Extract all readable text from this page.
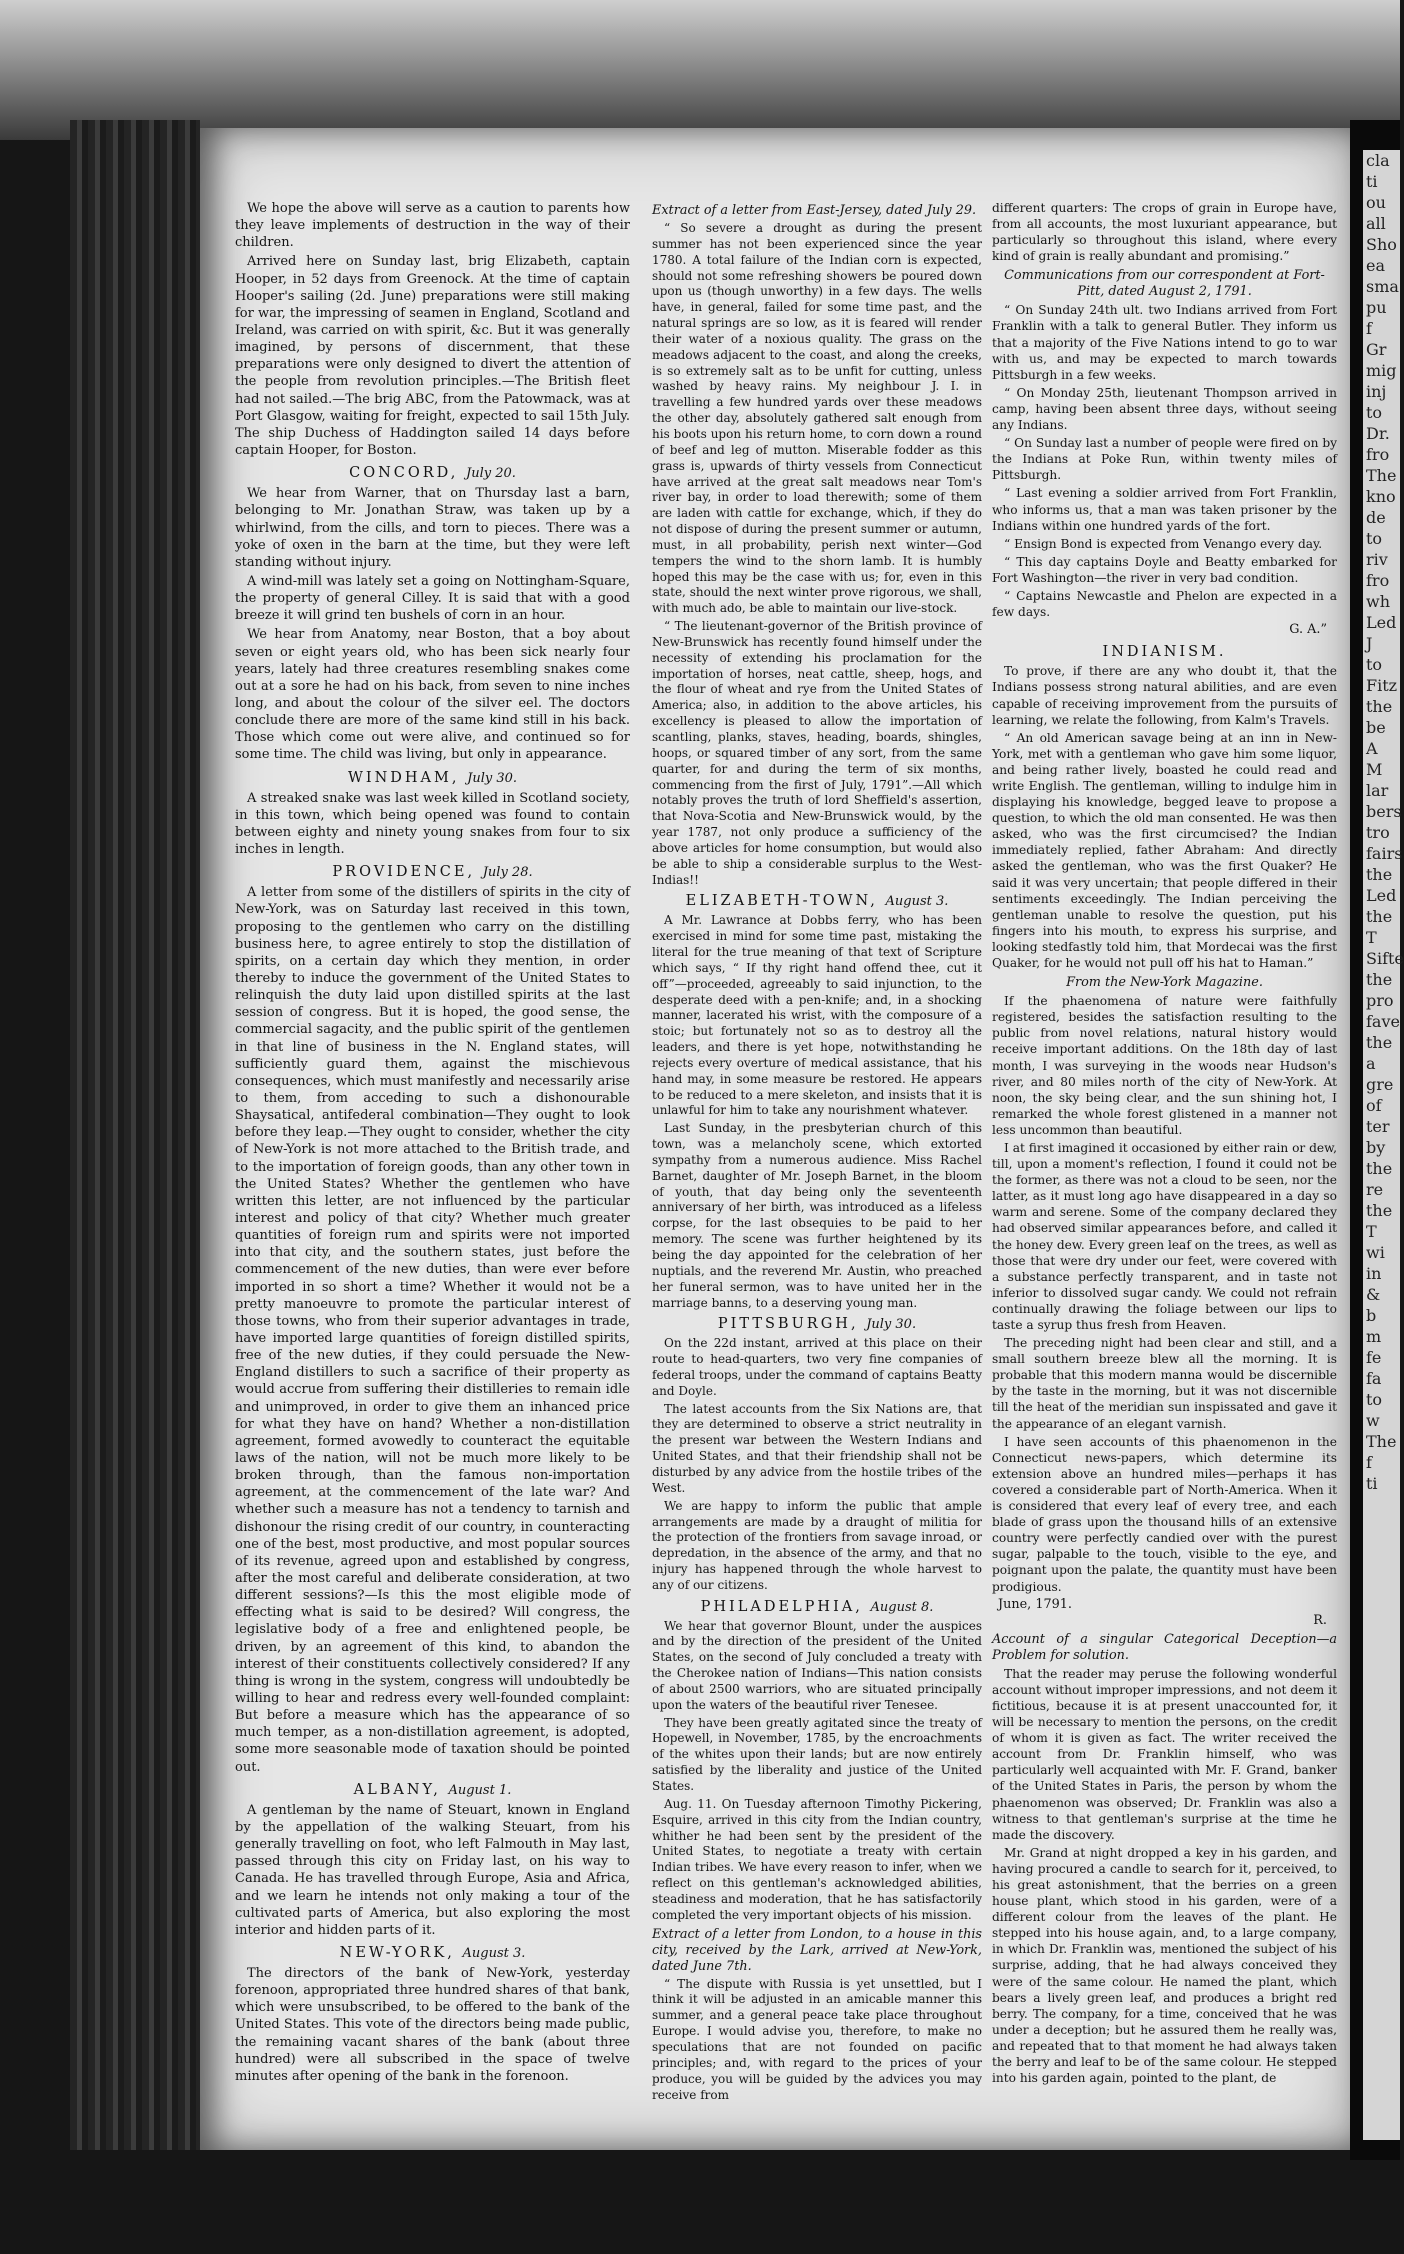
cla
ti
ou
all
Sho
ea
sma
pu
f
Gr
mig
inj
to
Dr.
fro
The
kno
de
to
riv
fro
wh
Led
J
to
Fitz
the
be
A
M
lar
bers
tro
fairs
the
Led
the
T
Sifte
the
pro
fave
the
a
gre
of
ter
by
the
re
the
T
wi
in
&
b
m
fe
fa
to
w
The
f
ti

We hope the above will serve as a caution to parents how they leave implements of destruction in the way of their children.

Arrived here on Sunday last, brig Elizabeth, captain Hooper, in 52 days from Greenock. At the time of captain Hooper's sailing (2d. June) preparations were still making for war, the impressing of seamen in England, Scotland and Ireland, was carried on with spirit, &c. But it was generally imagined, by persons of discernment, that these preparations were only designed to divert the attention of the people from revolution principles.—The British fleet had not sailed.—The brig ABC, from the Patowmack, was at Port Glasgow, waiting for freight, expected to sail 15th July. The ship Duchess of Haddington sailed 14 days before captain Hooper, for Boston.

CONCORD, July 20.

We hear from Warner, that on Thursday last a barn, belonging to Mr. Jonathan Straw, was taken up by a whirlwind, from the cills, and torn to pieces. There was a yoke of oxen in the barn at the time, but they were left standing without injury.

A wind-mill was lately set a going on Nottingham-Square, the property of general Cilley. It is said that with a good breeze it will grind ten bushels of corn in an hour.

We hear from Anatomy, near Boston, that a boy about seven or eight years old, who has been sick nearly four years, lately had three creatures resembling snakes come out at a sore he had on his back, from seven to nine inches long, and about the colour of the silver eel. The doctors conclude there are more of the same kind still in his back. Those which come out were alive, and continued so for some time. The child was living, but only in appearance.

WINDHAM, July 30.

A streaked snake was last week killed in Scotland society, in this town, which being opened was found to contain between eighty and ninety young snakes from four to six inches in length.

PROVIDENCE, July 28.

A letter from some of the distillers of spirits in the city of New-York, was on Saturday last received in this town, proposing to the gentlemen who carry on the distilling business here, to agree entirely to stop the distillation of spirits, on a certain day which they mention, in order thereby to induce the government of the United States to relinquish the duty laid upon distilled spirits at the last session of congress. But it is hoped, the good sense, the commercial sagacity, and the public spirit of the gentlemen in that line of business in the N. England states, will sufficiently guard them, against the mischievous consequences, which must manifestly and necessarily arise to them, from acceding to such a dishonourable Shaysatical, antifederal combination—They ought to look before they leap.—They ought to consider, whether the city of New-York is not more attached to the British trade, and to the importation of foreign goods, than any other town in the United States? Whether the gentlemen who have written this letter, are not influenced by the particular interest and policy of that city? Whether much greater quantities of foreign rum and spirits were not imported into that city, and the southern states, just before the commencement of the new duties, than were ever before imported in so short a time? Whether it would not be a pretty manoeuvre to promote the particular interest of those towns, who from their superior advantages in trade, have imported large quantities of foreign distilled spirits, free of the new duties, if they could persuade the New-England distillers to such a sacrifice of their property as would accrue from suffering their distilleries to remain idle and unimproved, in order to give them an inhanced price for what they have on hand? Whether a non-distillation agreement, formed avowedly to counteract the equitable laws of the nation, will not be much more likely to be broken through, than the famous non-importation agreement, at the commencement of the late war? And whether such a measure has not a tendency to tarnish and dishonour the rising credit of our country, in counteracting one of the best, most productive, and most popular sources of its revenue, agreed upon and established by congress, after the most careful and deliberate consideration, at two different sessions?—Is this the most eligible mode of effecting what is said to be desired? Will congress, the legislative body of a free and enlightened people, be driven, by an agreement of this kind, to abandon the interest of their constituents collectively considered? If any thing is wrong in the system, congress will undoubtedly be willing to hear and redress every well-founded complaint: But before a measure which has the appearance of so much temper, as a non-distillation agreement, is adopted, some more seasonable mode of taxation should be pointed out.

ALBANY, August 1.

A gentleman by the name of Steuart, known in England by the appellation of the walking Steuart, from his generally travelling on foot, who left Falmouth in May last, passed through this city on Friday last, on his way to Canada. He has travelled through Europe, Asia and Africa, and we learn he intends not only making a tour of the cultivated parts of America, but also exploring the most interior and hidden parts of it.

NEW-YORK, August 3.

The directors of the bank of New-York, yesterday forenoon, appropriated three hundred shares of that bank, which were unsubscribed, to be offered to the bank of the United States. This vote of the directors being made public, the remaining vacant shares of the bank (about three hundred) were all subscribed in the space of twelve minutes after opening of the bank in the forenoon.

Extract of a letter from East-Jersey, dated July 29.

“ So severe a drought as during the present summer has not been experienced since the year 1780. A total failure of the Indian corn is expected, should not some refreshing showers be poured down upon us (though unworthy) in a few days. The wells have, in general, failed for some time past, and the natural springs are so low, as it is feared will render their water of a noxious quality. The grass on the meadows adjacent to the coast, and along the creeks, is so extremely salt as to be unfit for cutting, unless washed by heavy rains. My neighbour J. I. in travelling a few hundred yards over these meadows the other day, absolutely gathered salt enough from his boots upon his return home, to corn down a round of beef and leg of mutton. Miserable fodder as this grass is, upwards of thirty vessels from Connecticut have arrived at the great salt meadows near Tom's river bay, in order to load therewith; some of them are laden with cattle for exchange, which, if they do not dispose of during the present summer or autumn, must, in all probability, perish next winter—God tempers the wind to the shorn lamb. It is humbly hoped this may be the case with us; for, even in this state, should the next winter prove rigorous, we shall, with much ado, be able to maintain our live-stock.

“ The lieutenant-governor of the British province of New-Brunswick has recently found himself under the necessity of extending his proclamation for the importation of horses, neat cattle, sheep, hogs, and the flour of wheat and rye from the United States of America; also, in addition to the above articles, his excellency is pleased to allow the importation of scantling, planks, staves, heading, boards, shingles, hoops, or squared timber of any sort, from the same quarter, for and during the term of six months, commencing from the first of July, 1791”.—All which notably proves the truth of lord Sheffield's assertion, that Nova-Scotia and New-Brunswick would, by the year 1787, not only produce a sufficiency of the above articles for home consumption, but would also be able to ship a considerable surplus to the West-Indias!!

ELIZABETH-TOWN, August 3.

A Mr. Lawrance at Dobbs ferry, who has been exercised in mind for some time past, mistaking the literal for the true meaning of that text of Scripture which says, “ If thy right hand offend thee, cut it off”—proceeded, agreeably to said injunction, to the desperate deed with a pen-knife; and, in a shocking manner, lacerated his wrist, with the composure of a stoic; but fortunately not so as to destroy all the leaders, and there is yet hope, notwithstanding he rejects every overture of medical assistance, that his hand may, in some measure be restored. He appears to be reduced to a mere skeleton, and insists that it is unlawful for him to take any nourishment whatever.

Last Sunday, in the presbyterian church of this town, was a melancholy scene, which extorted sympathy from a numerous audience. Miss Rachel Barnet, daughter of Mr. Joseph Barnet, in the bloom of youth, that day being only the seventeenth anniversary of her birth, was introduced as a lifeless corpse, for the last obsequies to be paid to her memory. The scene was further heightened by its being the day appointed for the celebration of her nuptials, and the reverend Mr. Austin, who preached her funeral sermon, was to have united her in the marriage banns, to a deserving young man.

PITTSBURGH, July 30.

On the 22d instant, arrived at this place on their route to head-quarters, two very fine companies of federal troops, under the command of captains Beatty and Doyle.

The latest accounts from the Six Nations are, that they are determined to observe a strict neutrality in the present war between the Western Indians and United States, and that their friendship shall not be disturbed by any advice from the hostile tribes of the West.

We are happy to inform the public that ample arrangements are made by a draught of militia for the protection of the frontiers from savage inroad, or depredation, in the absence of the army, and that no injury has happened through the whole harvest to any of our citizens.

PHILADELPHIA, August 8.

We hear that governor Blount, under the auspices and by the direction of the president of the United States, on the second of July concluded a treaty with the Cherokee nation of Indians—This nation consists of about 2500 warriors, who are situated principally upon the waters of the beautiful river Tenesee.

They have been greatly agitated since the treaty of Hopewell, in November, 1785, by the encroachments of the whites upon their lands; but are now entirely satisfied by the liberality and justice of the United States.

Aug. 11. On Tuesday afternoon Timothy Pickering, Esquire, arrived in this city from the Indian country, whither he had been sent by the president of the United States, to negotiate a treaty with certain Indian tribes. We have every reason to infer, when we reflect on this gentleman's acknowledged abilities, steadiness and moderation, that he has satisfactorily completed the very important objects of his mission.

Extract of a letter from London, to a house in this city, received by the Lark, arrived at New-York, dated June 7th.

“ The dispute with Russia is yet unsettled, but I think it will be adjusted in an amicable manner this summer, and a general peace take place throughout Europe. I would advise you, therefore, to make no speculations that are not founded on pacific principles; and, with regard to the prices of your produce, you will be guided by the advices you may receive from

different quarters: The crops of grain in Europe have, from all accounts, the most luxuriant appearance, but particularly so throughout this island, where every kind of grain is really abundant and promising.”

Communications from our correspondent at Fort-Pitt, dated August 2, 1791.

“ On Sunday 24th ult. two Indians arrived from Fort Franklin with a talk to general Butler. They inform us that a majority of the Five Nations intend to go to war with us, and may be expected to march towards Pittsburgh in a few weeks.

“ On Monday 25th, lieutenant Thompson arrived in camp, having been absent three days, without seeing any Indians.

“ On Sunday last a number of people were fired on by the Indians at Poke Run, within twenty miles of Pittsburgh.

“ Last evening a soldier arrived from Fort Franklin, who informs us, that a man was taken prisoner by the Indians within one hundred yards of the fort.

“ Ensign Bond is expected from Venango every day.

“ This day captains Doyle and Beatty embarked for Fort Washington—the river in very bad condition.

“ Captains Newcastle and Phelon are expected in a few days.

G. A.”
INDIANISM.

To prove, if there are any who doubt it, that the Indians possess strong natural abilities, and are even capable of receiving improvement from the pursuits of learning, we relate the following, from Kalm's Travels.

“ An old American savage being at an inn in New-York, met with a gentleman who gave him some liquor, and being rather lively, boasted he could read and write English. The gentleman, willing to indulge him in displaying his knowledge, begged leave to propose a question, to which the old man consented. He was then asked, who was the first circumcised? the Indian immediately replied, father Abraham: And directly asked the gentleman, who was the first Quaker? He said it was very uncertain; that people differed in their sentiments exceedingly. The Indian perceiving the gentleman unable to resolve the question, put his fingers into his mouth, to express his surprise, and looking stedfastly told him, that Mordecai was the first Quaker, for he would not pull off his hat to Haman.”

From the New-York Magazine.

If the phaenomena of nature were faithfully registered, besides the satisfaction resulting to the public from novel relations, natural history would receive important additions. On the 18th day of last month, I was surveying in the woods near Hudson's river, and 80 miles north of the city of New-York. At noon, the sky being clear, and the sun shining hot, I remarked the whole forest glistened in a manner not less uncommon than beautiful.

I at first imagined it occasioned by either rain or dew, till, upon a moment's reflection, I found it could not be the former, as there was not a cloud to be seen, nor the latter, as it must long ago have disappeared in a day so warm and serene. Some of the company declared they had observed similar appearances before, and called it the honey dew. Every green leaf on the trees, as well as those that were dry under our feet, were covered with a substance perfectly transparent, and in taste not inferior to dissolved sugar candy. We could not refrain continually drawing the foliage between our lips to taste a syrup thus fresh from Heaven.

The preceding night had been clear and still, and a small southern breeze blew all the morning. It is probable that this modern manna would be discernible by the taste in the morning, but it was not discernible till the heat of the meridian sun inspissated and gave it the appearance of an elegant varnish.

I have seen accounts of this phaenomenon in the Connecticut news-papers, which determine its extension above an hundred miles—perhaps it has covered a considerable part of North-America. When it is considered that every leaf of every tree, and each blade of grass upon the thousand hills of an extensive country were perfectly candied over with the purest sugar, palpable to the touch, visible to the eye, and poignant upon the palate, the quantity must have been prodigious.

June, 1791.
R.
Account of a singular Categorical Deception—a Problem for solution.

That the reader may peruse the following wonderful account without improper impressions, and not deem it fictitious, because it is at present unaccounted for, it will be necessary to mention the persons, on the credit of whom it is given as fact. The writer received the account from Dr. Franklin himself, who was particularly well acquainted with Mr. F. Grand, banker of the United States in Paris, the person by whom the phaenomenon was observed; Dr. Franklin was also a witness to that gentleman's surprise at the time he made the discovery.

Mr. Grand at night dropped a key in his garden, and having procured a candle to search for it, perceived, to his great astonishment, that the berries on a green house plant, which stood in his garden, were of a different colour from the leaves of the plant. He stepped into his house again, and, to a large company, in which Dr. Franklin was, mentioned the subject of his surprise, adding, that he had always conceived they were of the same colour. He named the plant, which bears a lively green leaf, and produces a bright red berry. The company, for a time, conceived that he was under a deception; but he assured them he really was, and repeated that to that moment he had always taken the berry and leaf to be of the same colour. He stepped into his garden again, pointed to the plant, de
